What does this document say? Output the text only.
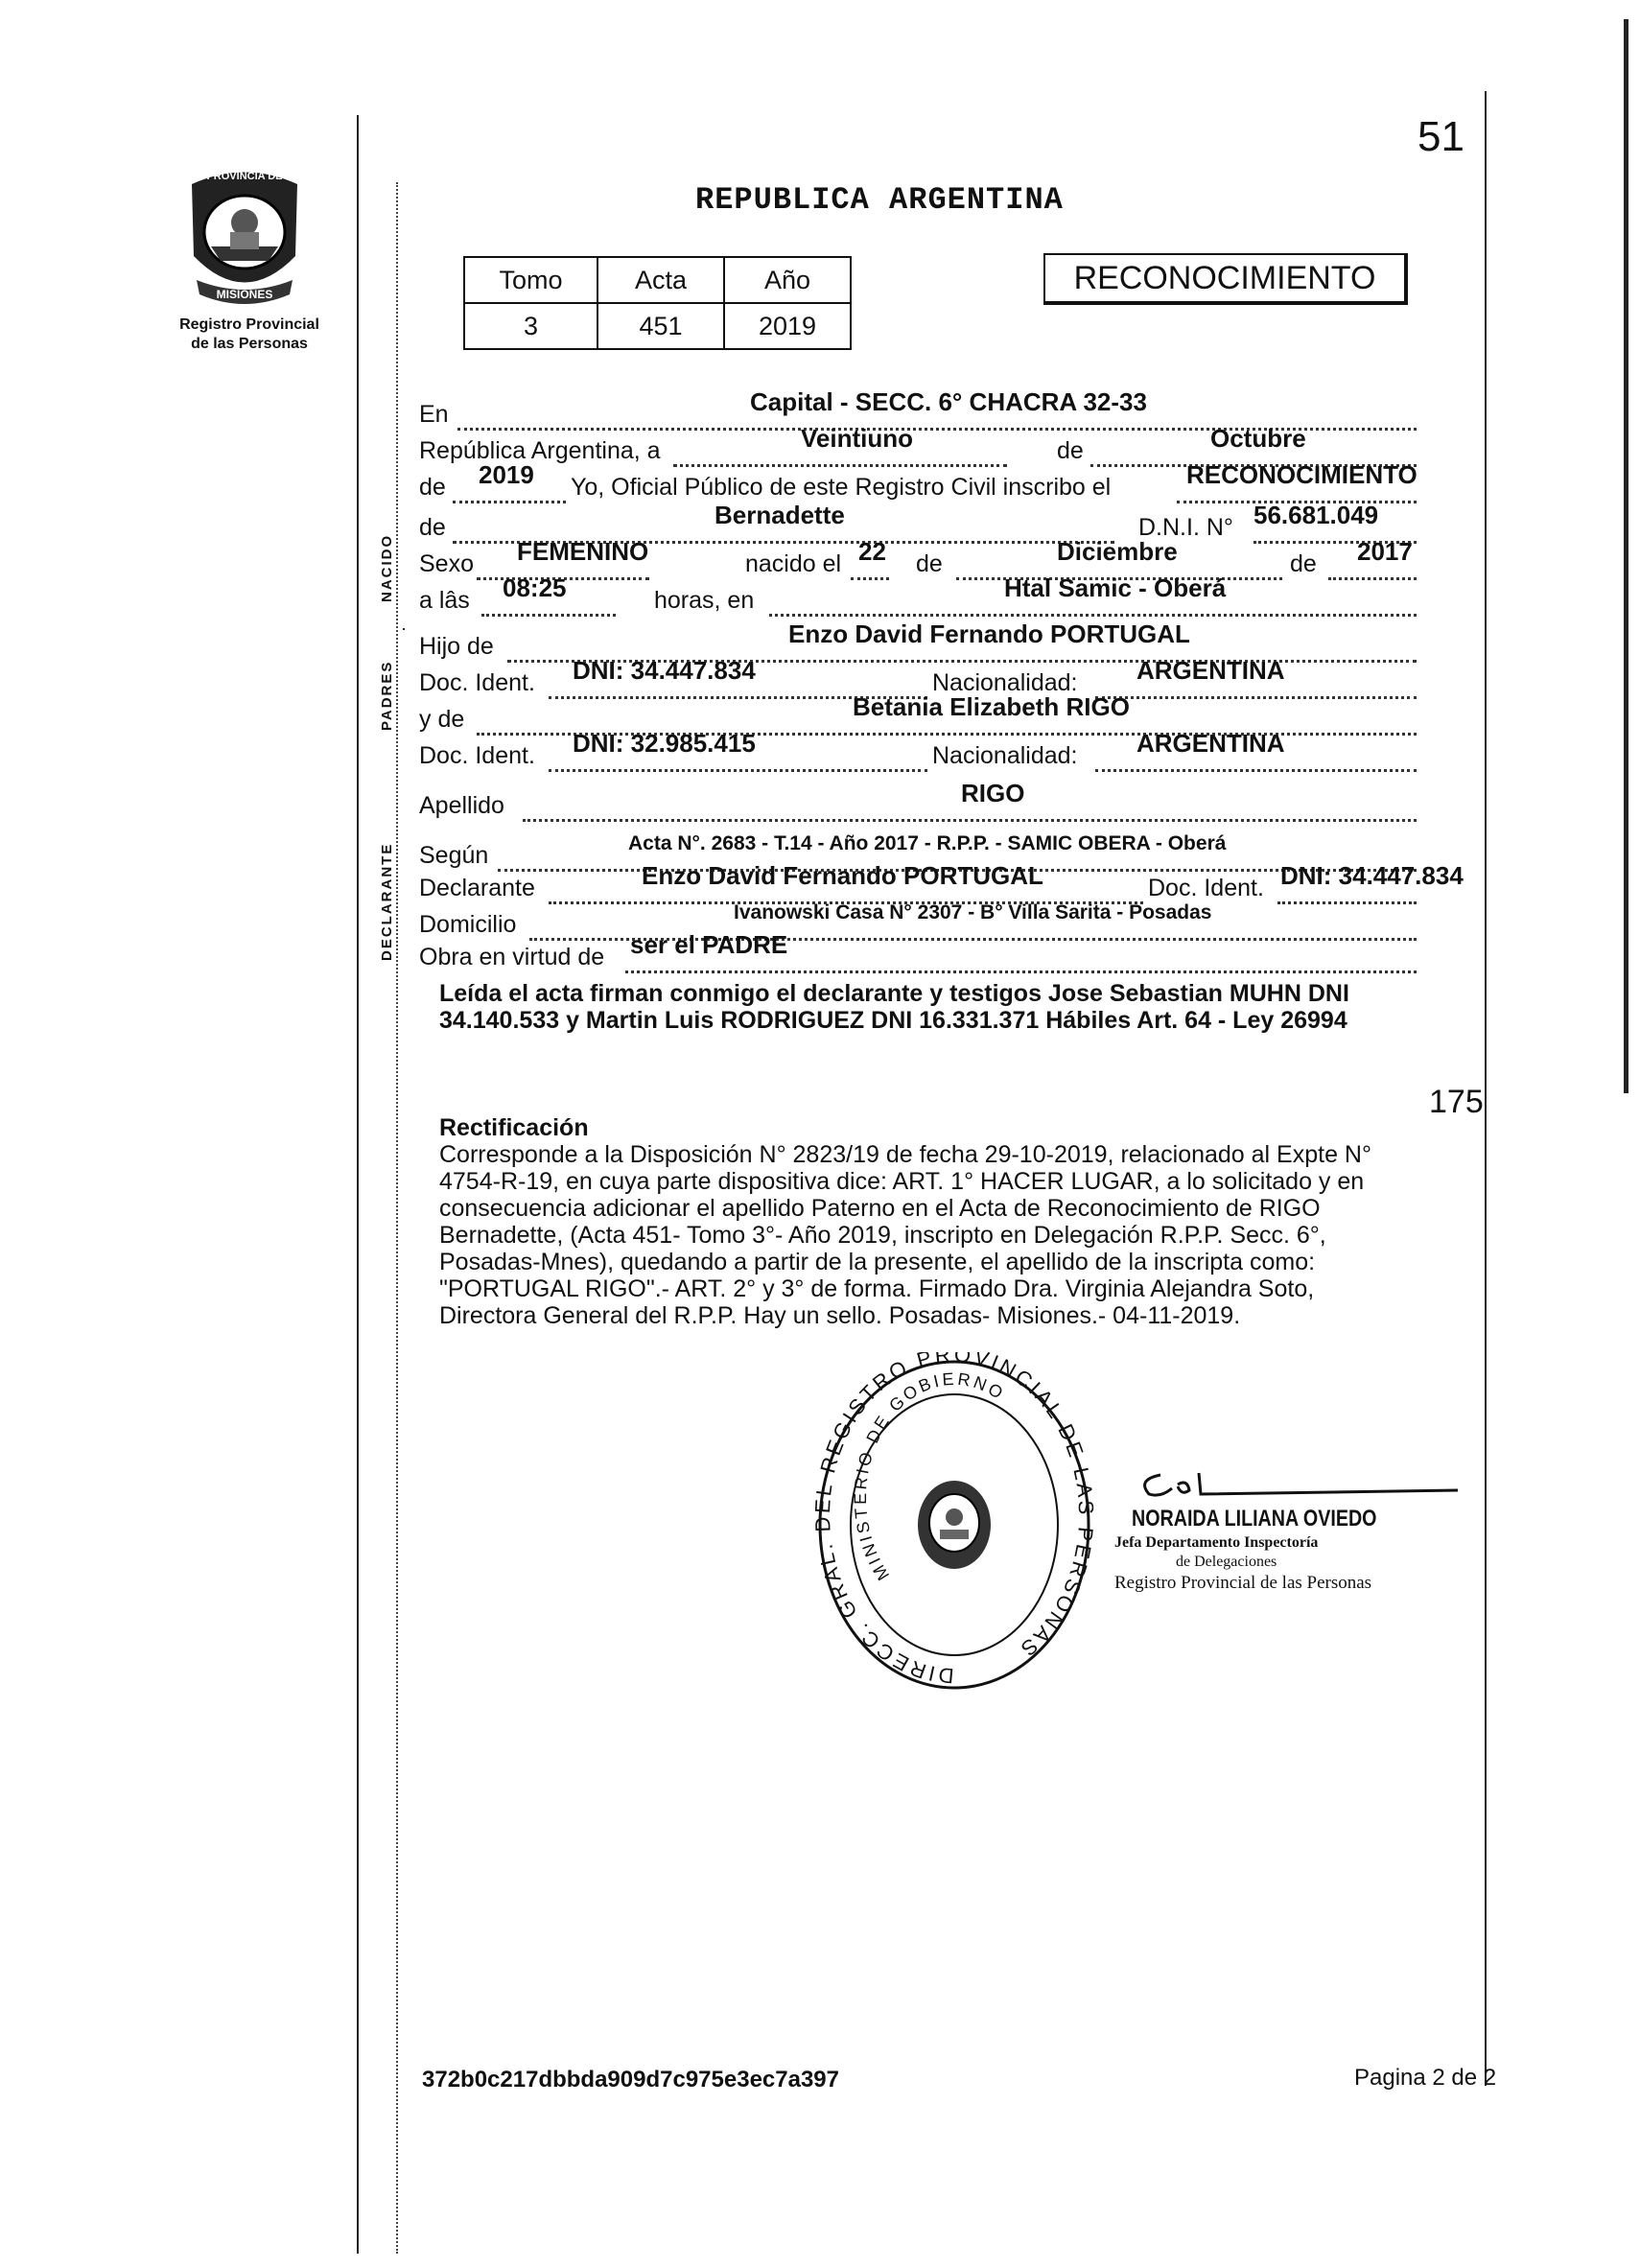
51
PROVINCIA DE
MISIONES
Registro Provincial
de las Personas
REPUBLICA ARGENTINA
Tomo	Acta	Año
3	451	2019
RECONOCIMIENTO
NACIDO
PADRES
DECLARANTE
En	Capital - SECC. 6° CHACRA 32-33
República Argentina, a	Veintiuno	de	Octubre
de 2019 Yo, Oficial Público de este Registro Civil inscribo el	RECONOCIMIENTO
de	Bernadette	D.N.I. N° 56.681.049
Sexo FEMENINO	nacido el 22 de	Diciembre	de 2017
a lâs 08:25	horas, en	Htal Samic - Oberá
Hijo de	Enzo David Fernando PORTUGAL
Doc. Ident. DNI: 34.447.834	Nacionalidad: ARGENTINA
y de	Betania Elizabeth RIGO
Doc. Ident. DNI: 32.985.415	Nacionalidad: ARGENTINA
Apellido	RIGO
Según	Acta N°. 2683 - T.14 - Año 2017 - R.P.P. - SAMIC OBERA - Oberá
Declarante	Enzo David Fernando PORTUGAL	Doc. Ident. DNI: 34.447.834
Domicilio	Ivanowski Casa N° 2307 - B° Villa Sarita - Posadas
Obra en virtud de ser el PADRE
Leída el acta firman conmigo el declarante y testigos Jose Sebastian MUHN DNI
34.140.533 y Martin Luis RODRIGUEZ DNI 16.331.371 Hábiles Art. 64 - Ley 26994
175
Rectificación
Corresponde a la Disposición N° 2823/19 de fecha 29-10-2019, relacionado al Expte N°
4754-R-19, en cuya parte dispositiva dice: ART. 1° HACER LUGAR, a lo solicitado y en
consecuencia adicionar el apellido Paterno en el Acta de Reconocimiento de RIGO
Bernadette, (Acta 451- Tomo 3°- Año 2019, inscripto en Delegación R.P.P. Secc. 6°,
Posadas-Mnes), quedando a partir de la presente, el apellido de la inscripta como:
"PORTUGAL RIGO".- ART. 2° y 3° de forma. Firmado Dra. Virginia Alejandra Soto,
Directora General del R.P.P. Hay un sello. Posadas- Misiones.- 04-11-2019.
DIRECC. GRAL. DEL REGISTRO PROVINCIAL DE LAS PERSONAS
MINISTERIO DE GOBIERNO
NORAIDA LILIANA OVIEDO
Jefa Departamento Inspectoría
de Delegaciones
Registro Provincial de las Personas
372b0c217dbbda909d7c975e3ec7a397	Pagina 2 de 2
